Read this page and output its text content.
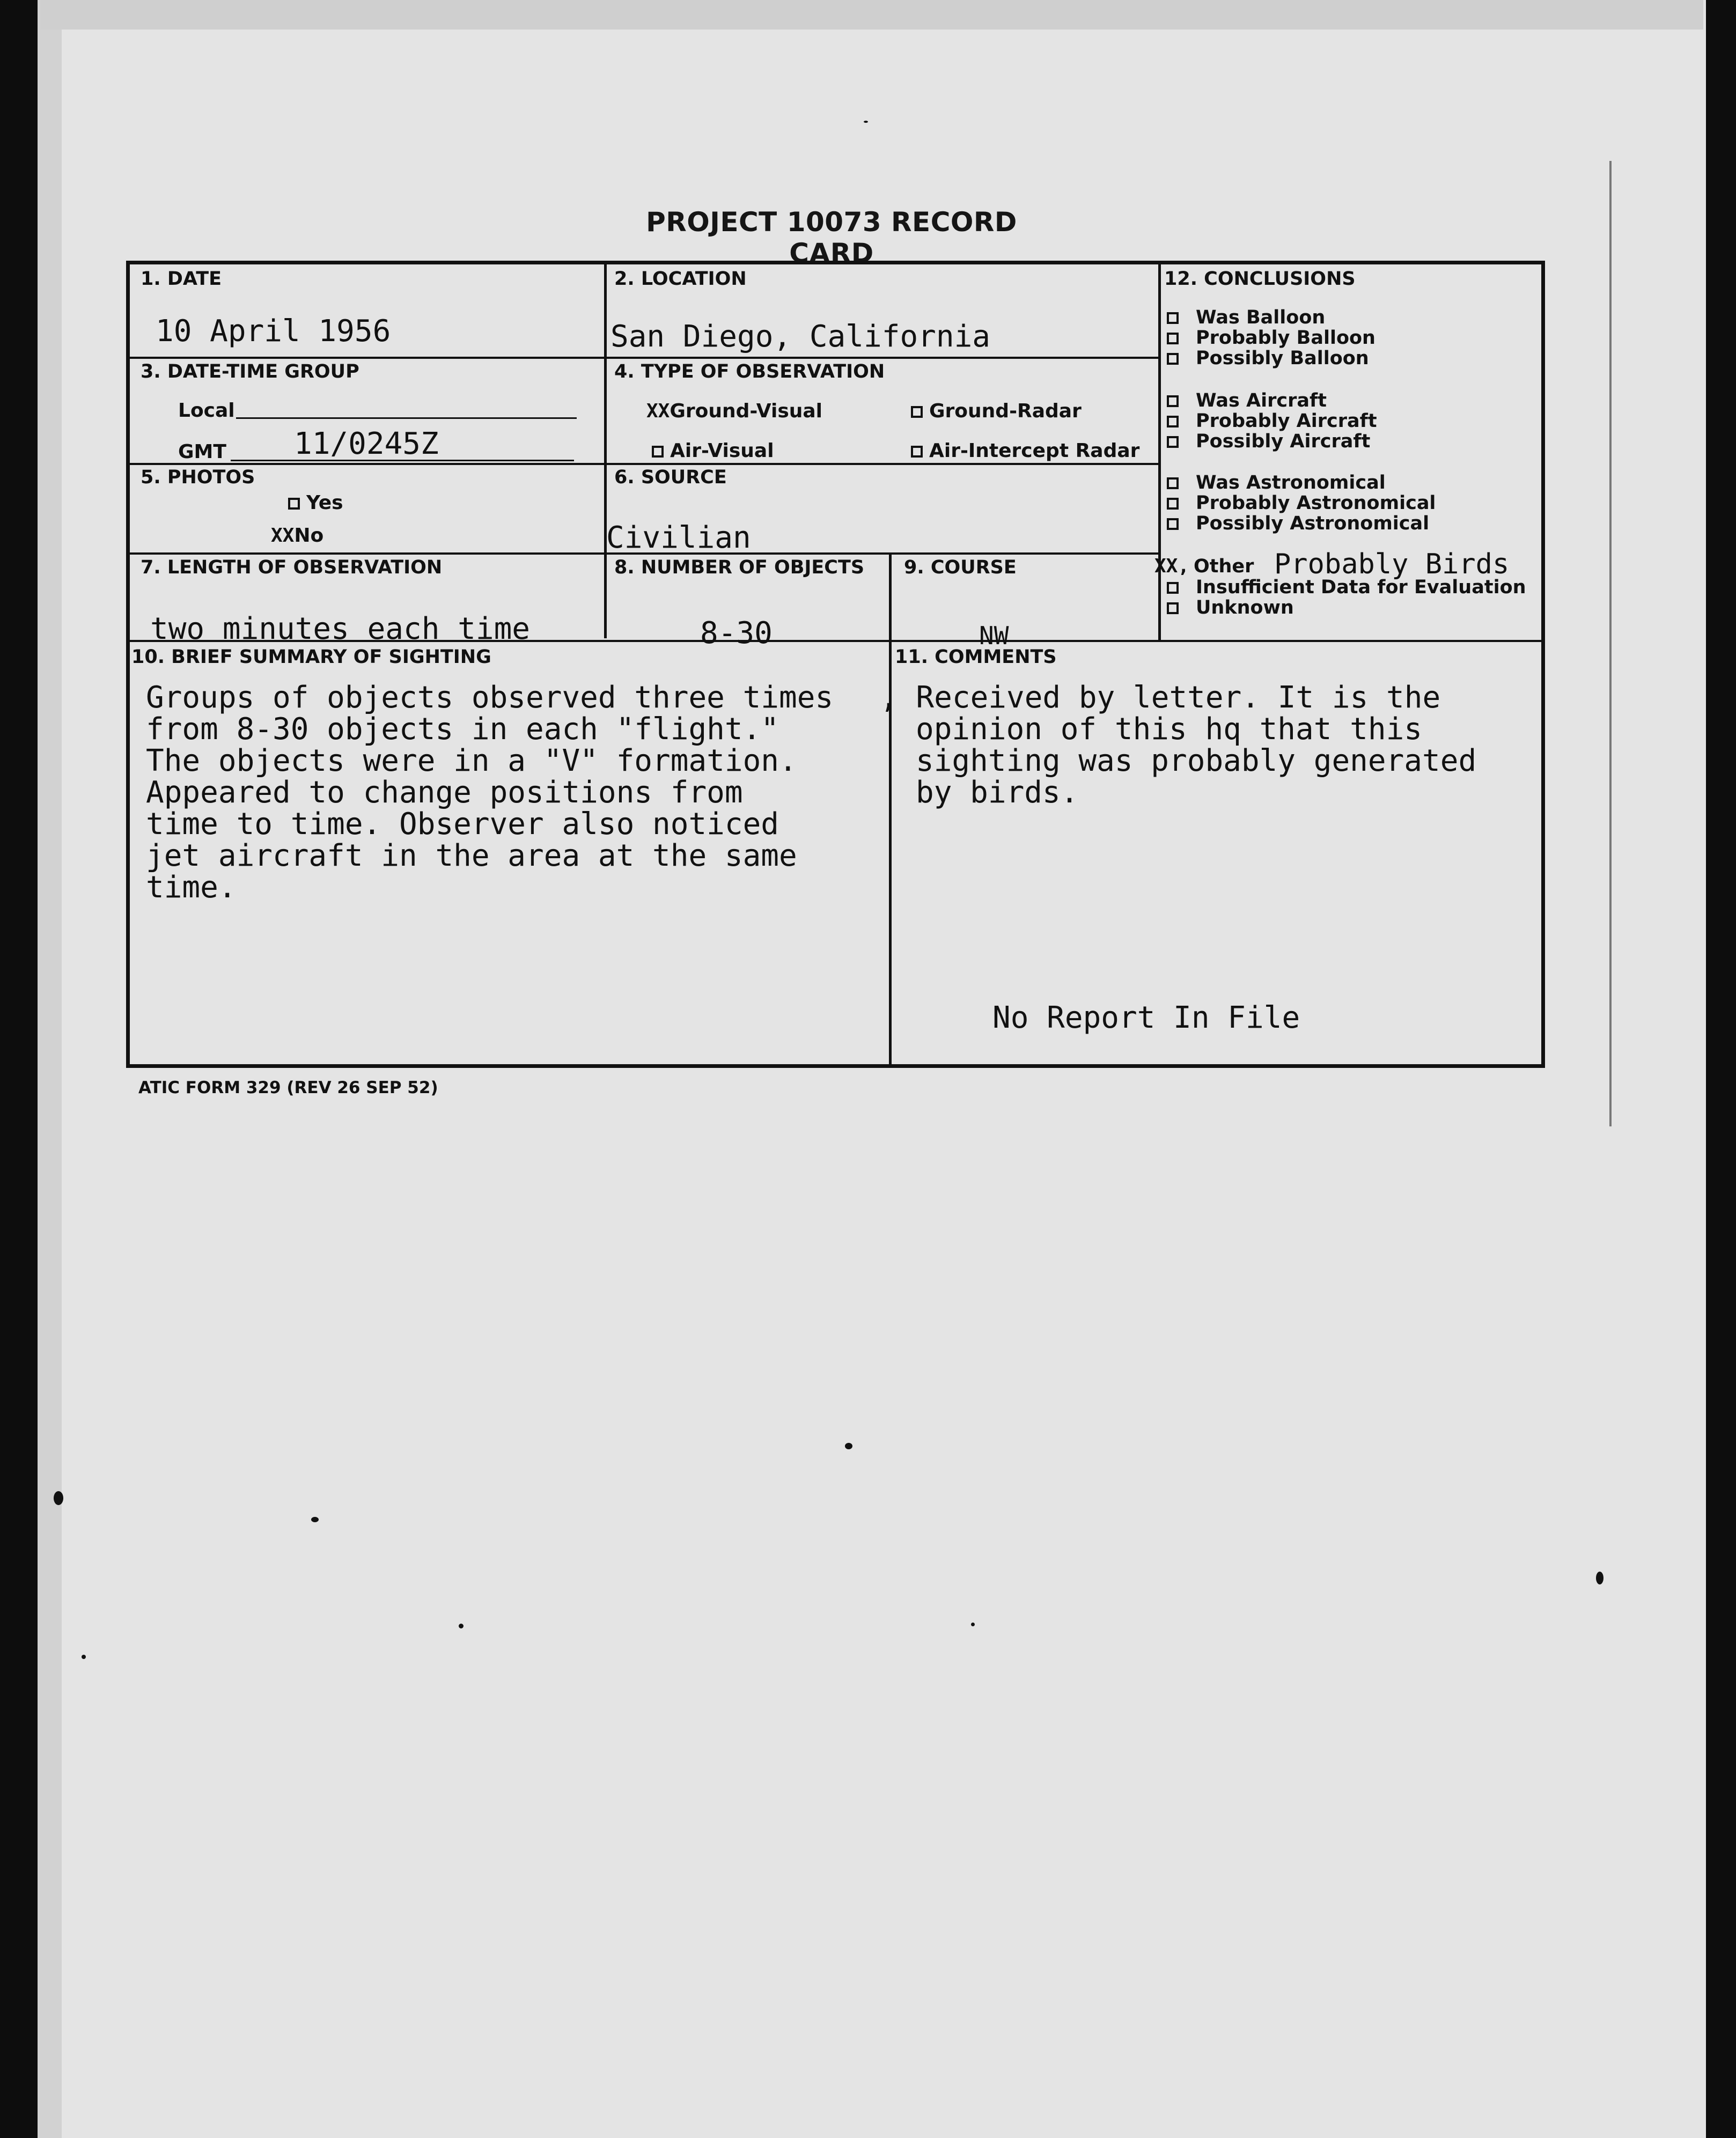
PROJECT 10073 RECORD CARD
1. DATE
10 April 1956
2. LOCATION
San Diego, California
3. DATE-TIME GROUP
Local
GMT 11/0245Z
4. TYPE OF OBSERVATION
XXGround-Visual	Ground-Radar
Air-Visual	Air-Intercept Radar
5. PHOTOS
Yes
XXNo
6. SOURCE
Civilian
7. LENGTH OF OBSERVATION
two minutes each time
8. NUMBER OF OBJECTS
8-30
9. COURSE
NW
12. CONCLUSIONS
Was Balloon
Probably Balloon
Possibly Balloon
Was Aircraft
Probably Aircraft
Possibly Aircraft
Was Astronomical
Probably Astronomical
Possibly Astronomical
XX, Other Probably Birds
Insufficient Data for Evaluation
Unknown
10. BRIEF SUMMARY OF SIGHTING
Groups of objects observed three times
from 8-30 objects in each "flight."
The objects were in a "V" formation.
Appeared to change positions from
time to time. Observer also noticed
jet aircraft in the area at the same
time.
11. COMMENTS
, Received by letter. It is the
opinion of this hq that this
sighting was probably generated
by birds.
No Report In File
ATIC FORM 329 (REV 26 SEP 52)
